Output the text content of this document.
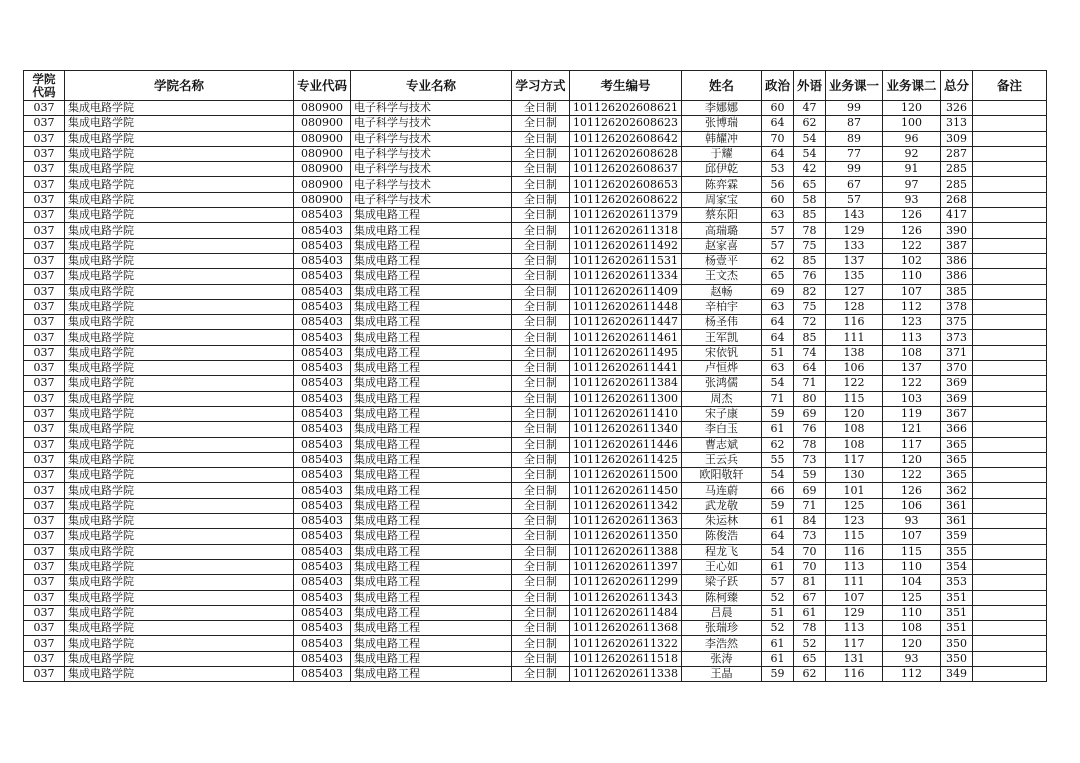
学院
代码	学院名称	专业代码	专业名称	学习方式	考生编号	姓名	政治	外语	业务课一	业务课二	总分	备注
037	集成电路学院	080900	电子科学与技术	全日制	101126202608621	李娜娜	60	47	99	120	326	
037	集成电路学院	080900	电子科学与技术	全日制	101126202608623	张博瑞	64	62	87	100	313	
037	集成电路学院	080900	电子科学与技术	全日制	101126202608642	韩耀冲	70	54	89	96	309	
037	集成电路学院	080900	电子科学与技术	全日制	101126202608628	于耀	64	54	77	92	287	
037	集成电路学院	080900	电子科学与技术	全日制	101126202608637	邱伊乾	53	42	99	91	285	
037	集成电路学院	080900	电子科学与技术	全日制	101126202608653	陈弈霖	56	65	67	97	285	
037	集成电路学院	080900	电子科学与技术	全日制	101126202608622	周家宝	60	58	57	93	268	
037	集成电路学院	085403	集成电路工程	全日制	101126202611379	蔡东阳	63	85	143	126	417	
037	集成电路学院	085403	集成电路工程	全日制	101126202611318	高瑞璐	57	78	129	126	390	
037	集成电路学院	085403	集成电路工程	全日制	101126202611492	赵家喜	57	75	133	122	387	
037	集成电路学院	085403	集成电路工程	全日制	101126202611531	杨壹平	62	85	137	102	386	
037	集成电路学院	085403	集成电路工程	全日制	101126202611334	王文杰	65	76	135	110	386	
037	集成电路学院	085403	集成电路工程	全日制	101126202611409	赵畅	69	82	127	107	385	
037	集成电路学院	085403	集成电路工程	全日制	101126202611448	辛柏宇	63	75	128	112	378	
037	集成电路学院	085403	集成电路工程	全日制	101126202611447	杨圣伟	64	72	116	123	375	
037	集成电路学院	085403	集成电路工程	全日制	101126202611461	王军凯	64	85	111	113	373	
037	集成电路学院	085403	集成电路工程	全日制	101126202611495	宋依钒	51	74	138	108	371	
037	集成电路学院	085403	集成电路工程	全日制	101126202611441	卢恒烨	63	64	106	137	370	
037	集成电路学院	085403	集成电路工程	全日制	101126202611384	张鸿儒	54	71	122	122	369	
037	集成电路学院	085403	集成电路工程	全日制	101126202611300	周杰	71	80	115	103	369	
037	集成电路学院	085403	集成电路工程	全日制	101126202611410	宋子康	59	69	120	119	367	
037	集成电路学院	085403	集成电路工程	全日制	101126202611340	李白玉	61	76	108	121	366	
037	集成电路学院	085403	集成电路工程	全日制	101126202611446	曹志斌	62	78	108	117	365	
037	集成电路学院	085403	集成电路工程	全日制	101126202611425	王云兵	55	73	117	120	365	
037	集成电路学院	085403	集成电路工程	全日制	101126202611500	欧阳敬轩	54	59	130	122	365	
037	集成电路学院	085403	集成电路工程	全日制	101126202611450	马连蔚	66	69	101	126	362	
037	集成电路学院	085403	集成电路工程	全日制	101126202611342	武龙敬	59	71	125	106	361	
037	集成电路学院	085403	集成电路工程	全日制	101126202611363	朱运林	61	84	123	93	361	
037	集成电路学院	085403	集成电路工程	全日制	101126202611350	陈俊浩	64	73	115	107	359	
037	集成电路学院	085403	集成电路工程	全日制	101126202611388	程龙飞	54	70	116	115	355	
037	集成电路学院	085403	集成电路工程	全日制	101126202611397	王心如	61	70	113	110	354	
037	集成电路学院	085403	集成电路工程	全日制	101126202611299	梁子跃	57	81	111	104	353	
037	集成电路学院	085403	集成电路工程	全日制	101126202611343	陈柯臻	52	67	107	125	351	
037	集成电路学院	085403	集成电路工程	全日制	101126202611484	吕晨	51	61	129	110	351	
037	集成电路学院	085403	集成电路工程	全日制	101126202611368	张瑞珍	52	78	113	108	351	
037	集成电路学院	085403	集成电路工程	全日制	101126202611322	李浩然	61	52	117	120	350	
037	集成电路学院	085403	集成电路工程	全日制	101126202611518	张涛	61	65	131	93	350	
037	集成电路学院	085403	集成电路工程	全日制	101126202611338	王晶	59	62	116	112	349	
